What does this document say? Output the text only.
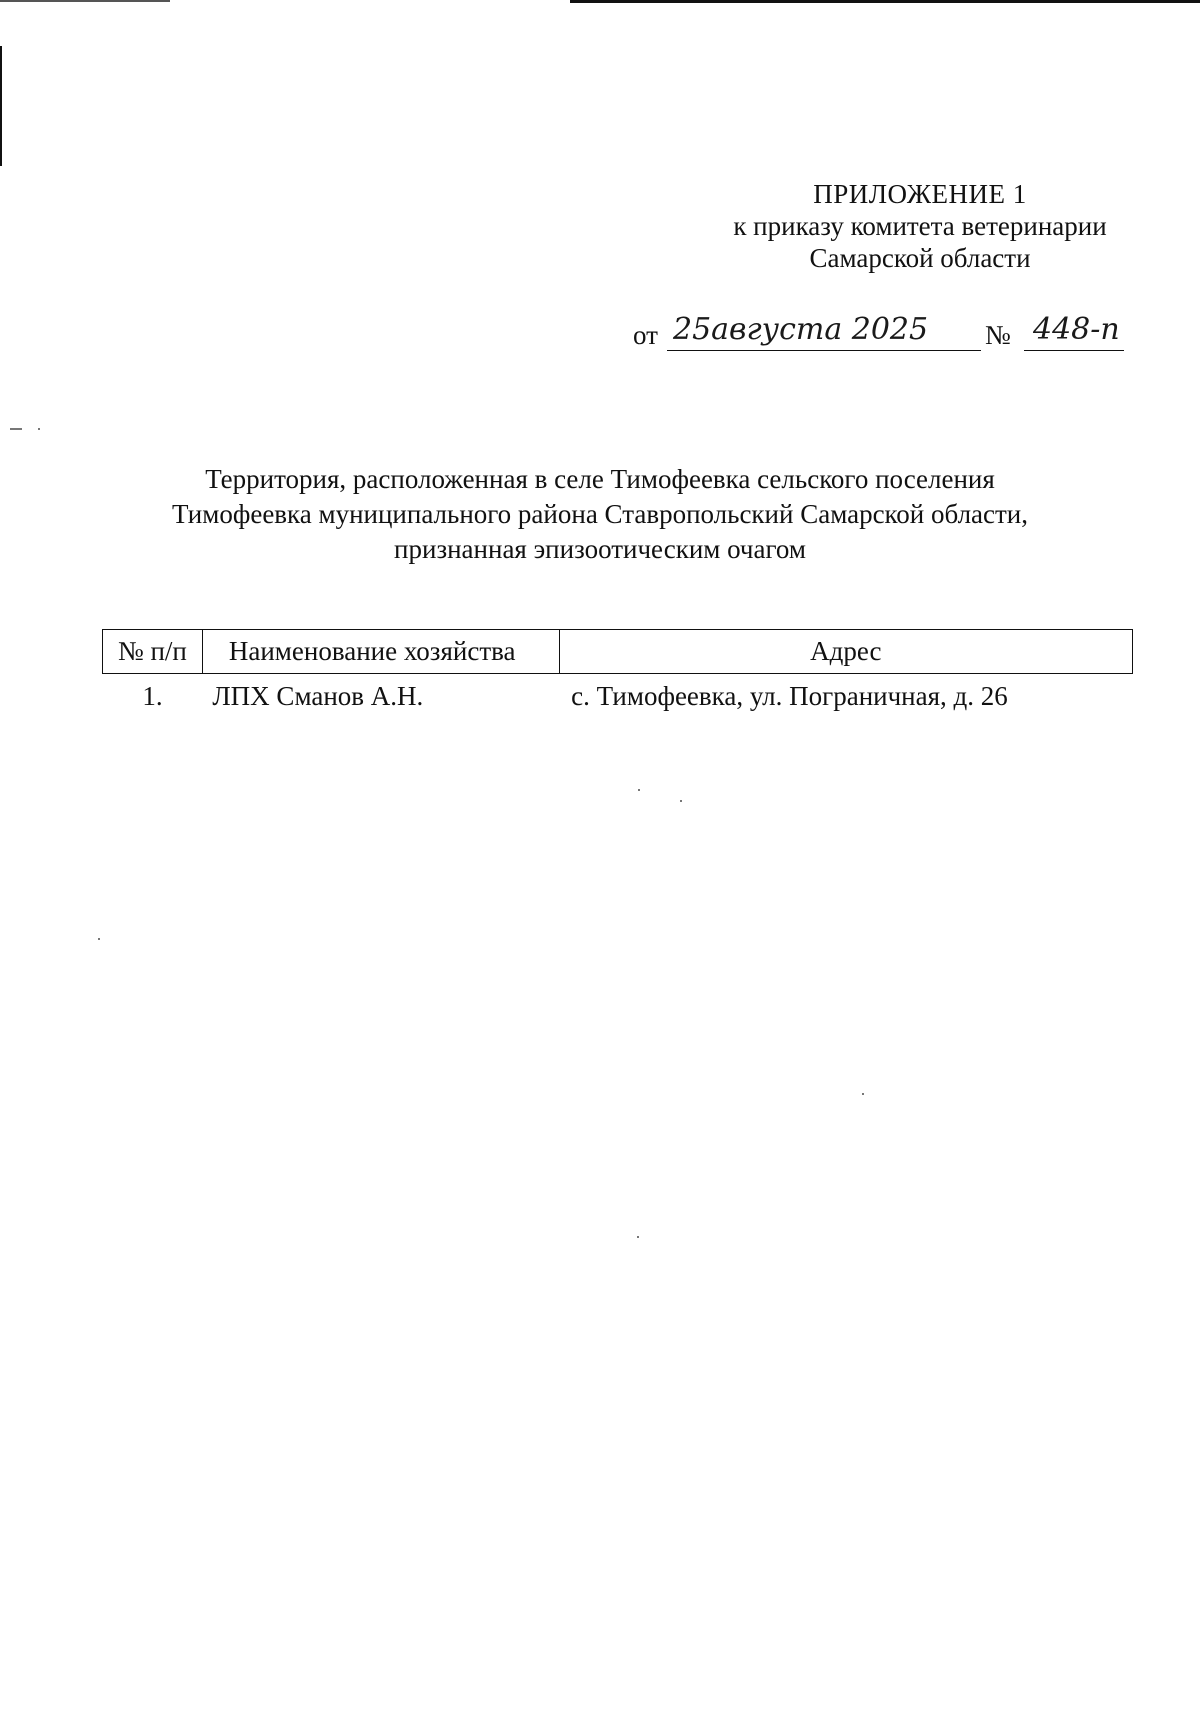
ПРИЛОЖЕНИЕ 1
к приказу комитета ветеринарии
Самарской области
от 25августа 2025 № 448-п
Территория, расположенная в селе Тимофеевка сельского поселения
Тимофеевка муниципального района Ставропольский Самарской области,
признанная эпизоотическим очагом
№ п/п	Наименование хозяйства	Адрес
1.	ЛПХ Сманов А.Н.	с. Тимофеевка, ул. Пограничная, д. 26
